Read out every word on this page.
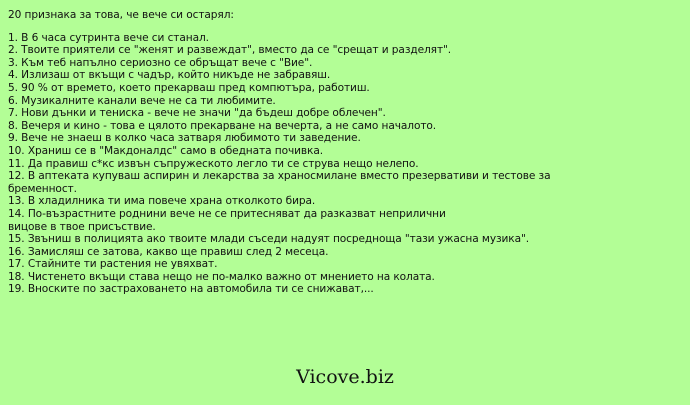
20 признака за това, че вече си остарял:

1. В 6 часа сутринта вече си станал.
2. Твоите приятели се "женят и развеждат", вместо да се "срещат и разделят".
3. Към теб напълно сериозно се обръщат вече с "Вие".
4. Излизаш от вкъщи с чадър, който никъде не забравяш.
5. 90 % от времето, което прекарваш пред компютъра, работиш.
6. Музикалните канали вече не са ти любимите.
7. Нови дънки и тениска - вече не значи "да бъдеш добре облечен".
8. Вечеря и кино - това е цялото прекарване на вечерта, а не само началото.
9. Вече не знаеш в колко часа затваря любимото ти заведение.
10. Храниш се в "Макдоналдс" само в обедната почивка.
11. Да правиш с*кс извън съпружеското легло ти се струва нещо нелепо.
12. В аптеката купуваш аспирин и лекарства за храносмилане вместо презервативи и тестове за
бременност.
13. В хладилника ти има повече храна отколкото бира.
14. По-възрастните роднини вече не се притесняват да разказват неприлични
вицове в твое присъствие.
15. Звъниш в полицията ако твоите млади съседи надуят посредноща "тази ужасна музика".
16. Замисляш се затова, какво ще правиш след 2 месеца.
17. Стайните ти растения не увяхват.
18. Чистенето вкъщи става нещо не по-малко важно от мнението на колата.
19. Вноските по застраховането на автомобила ти се снижават,...
Vicove.biz
